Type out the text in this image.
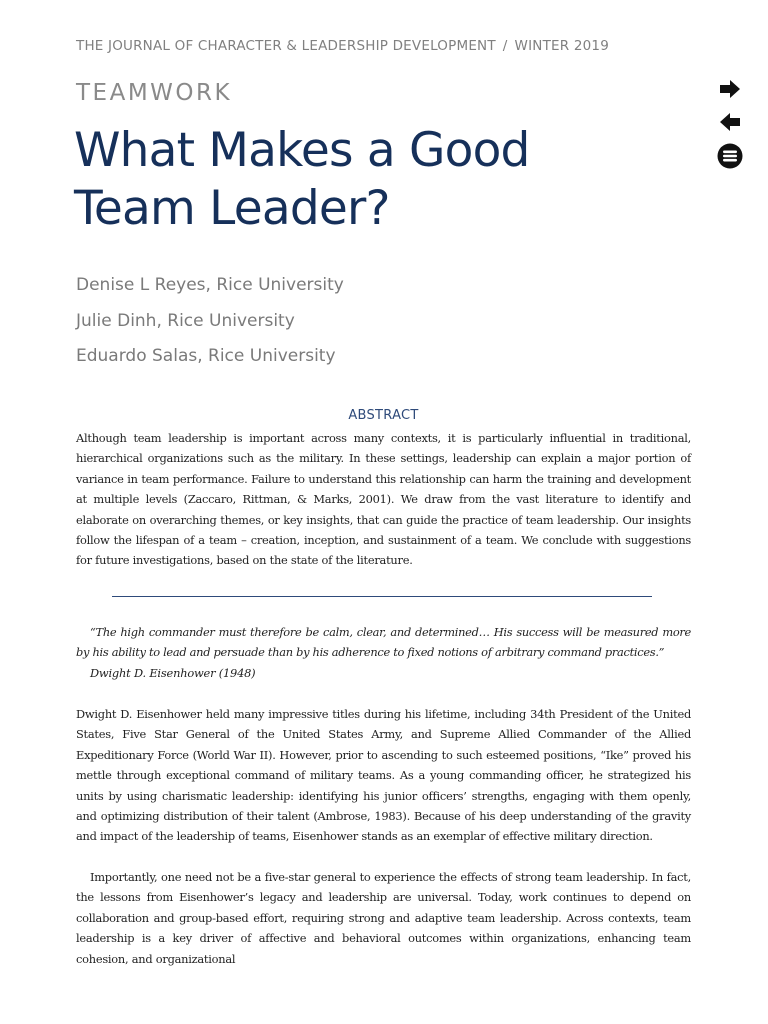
THE JOURNAL OF CHARACTER & LEADERSHIP DEVELOPMENT / WINTER 2019
TEAMWORK
What Makes a Good
Team Leader?
Denise L Reyes, Rice University
Julie Dinh, Rice University
Eduardo Salas, Rice University
ABSTRACT

Although team leadership is important across many contexts, it is particularly influential in traditional, hierarchical organizations such as the military. In these settings, leadership can explain a major portion of variance in team performance. Failure to understand this relationship can harm the training and development at multiple levels (Zaccaro, Rittman, & Marks, 2001). We draw from the vast literature to identify and elaborate on overarching themes, or key insights, that can guide the practice of team leadership. Our insights follow the lifespan of a team – creation, inception, and sustainment of a team. We conclude with suggestions for future investigations, based on the state of the literature.

“The high commander must therefore be calm, clear, and determined… His success will be measured more by his ability to lead and persuade than by his adherence to fixed notions of arbitrary command practices.”

Dwight D. Eisenhower (1948)

Dwight D. Eisenhower held many impressive titles during his lifetime, including 34th President of the United States, Five Star General of the United States Army, and Supreme Allied Commander of the Allied Expeditionary Force (World War II). However, prior to ascending to such esteemed positions, “Ike” proved his mettle through exceptional command of military teams. As a young commanding officer, he strategized his units by using charismatic leadership: identifying his junior officers’ strengths, engaging with them openly, and optimizing distribution of their talent (Ambrose, 1983). Because of his deep understanding of the gravity and impact of the leadership of teams, Eisenhower stands as an exemplar of effective military direction.

Importantly, one need not be a five-star general to experience the effects of strong team leadership. In fact, the lessons from Eisenhower’s legacy and leadership are universal. Today, work continues to depend on collaboration and group-based effort, requiring strong and adaptive team leadership. Across contexts, team leadership is a key driver of affective and behavioral outcomes within organizations, enhancing team cohesion, and organizational
